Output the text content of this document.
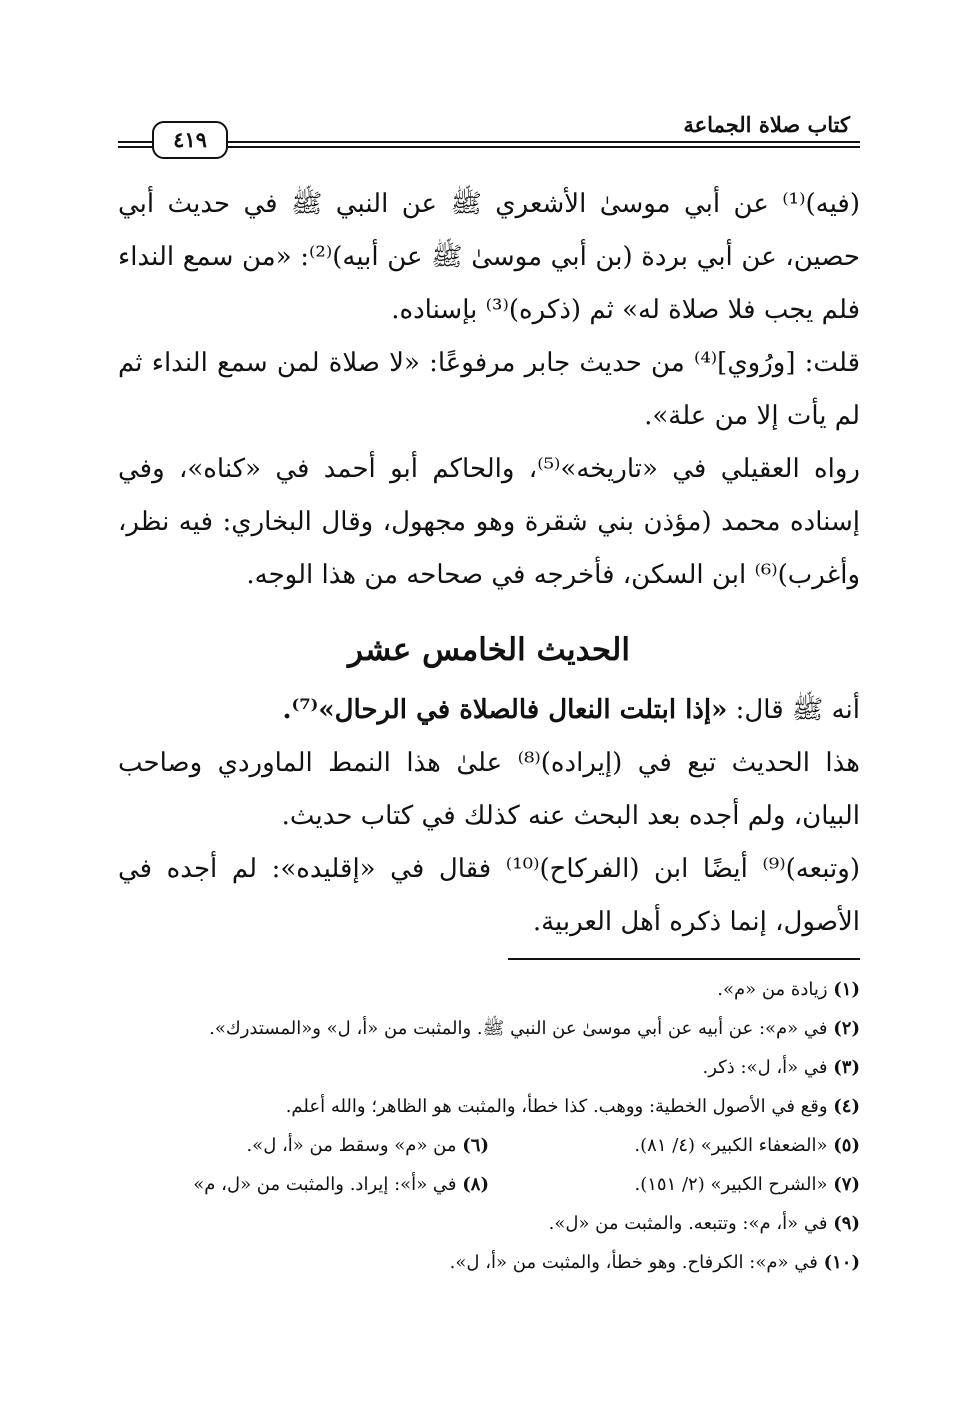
كتاب صلاة الجماعة
٤١٩

(فيه)⁽¹⁾ عن أبي موسىٰ الأشعري ﷺ عن النبي ﷺ في حديث أبي حصين، عن أبي بردة (بن أبي موسىٰ ﷺ عن أبيه)⁽²⁾: «من سمع النداء فلم يجب فلا صلاة له» ثم (ذكره)⁽³⁾ بإسناده.

قلت: [ورُوي]⁽⁴⁾ من حديث جابر مرفوعًا: «لا صلاة لمن سمع النداء ثم لم يأت إلا من علة».

رواه العقيلي في «تاريخه»⁽⁵⁾، والحاكم أبو أحمد في «كناه»، وفي إسناده محمد (مؤذن بني شقرة وهو مجهول، وقال البخاري: فيه نظر، وأغرب)⁽⁶⁾ ابن السكن، فأخرجه في صحاحه من هذا الوجه.

الحديث الخامس عشر

أنه ﷺ قال: «إذا ابتلت النعال فالصلاة في الرحال»⁽⁷⁾.

هذا الحديث تبع في (إيراده)⁽⁸⁾ علىٰ هذا النمط الماوردي وصاحب البيان، ولم أجده بعد البحث عنه كذلك في كتاب حديث.

(وتبعه)⁽⁹⁾ أيضًا ابن (الفركاح)⁽¹⁰⁾ فقال في «إقليده»: لم أجده في الأصول، إنما ذكره أهل العربية.

(١) زيادة من «م».
(٢) في «م»: عن أبيه عن أبي موسىٰ عن النبي ﷺ. والمثبت من «أ، ل» و«المستدرك».
(٣) في «أ، ل»: ذكر.
(٤) وقع في الأصول الخطية: ووهب. كذا خطأ، والمثبت هو الظاهر؛ والله أعلم.
(٥) «الضعفاء الكبير» (٤/ ٨١).
(٦) من «م» وسقط من «أ، ل».
(٧) «الشرح الكبير» (٢/ ١٥١).
(٨) في «أ»: إيراد. والمثبت من «ل، م»
(٩) في «أ، م»: وتتبعه. والمثبت من «ل».
(١٠) في «م»: الكرفاح. وهو خطأ، والمثبت من «أ، ل».
